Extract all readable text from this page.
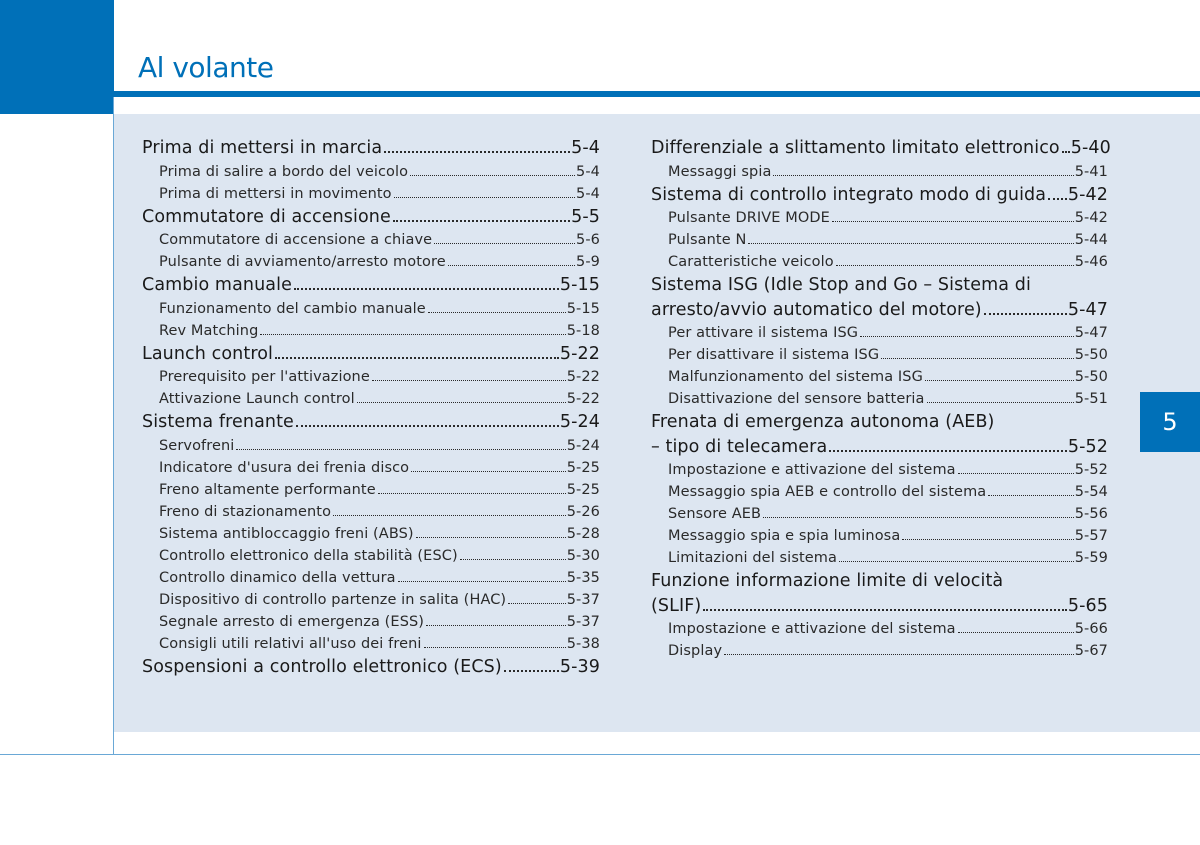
Al volante
Prima di mettersi in marcia	5-4
Prima di salire a bordo del veicolo	5-4
Prima di mettersi in movimento	5-4
Commutatore di accensione	5-5
Commutatore di accensione a chiave	5-6
Pulsante di avviamento/arresto motore	5-9
Cambio manuale	5-15
Funzionamento del cambio manuale	5-15
Rev Matching	5-18
Launch control	5-22
Prerequisito per l'attivazione	5-22
Attivazione Launch control	5-22
Sistema frenante	5-24
Servofreni	5-24
Indicatore d'usura dei frenia disco	5-25
Freno altamente performante	5-25
Freno di stazionamento	5-26
Sistema antibloccaggio freni (ABS)	5-28
Controllo elettronico della stabilità (ESC)	5-30
Controllo dinamico della vettura	5-35
Dispositivo di controllo partenze in salita (HAC)	5-37
Segnale arresto di emergenza (ESS)	5-37
Consigli utili relativi all'uso dei freni	5-38
Sospensioni a controllo elettronico (ECS)	5-39
Differenziale a slittamento limitato elettronico 5-40
Messaggi spia	5-41
Sistema di controllo integrato modo di guida 5-42
Pulsante DRIVE MODE	5-42
Pulsante N	5-44
Caratteristiche veicolo	5-46
Sistema ISG (Idle Stop and Go – Sistema di
arresto/avvio automatico del motore)	5-47
Per attivare il sistema ISG	5-47
Per disattivare il sistema ISG	5-50
Malfunzionamento del sistema ISG	5-50
Disattivazione del sensore batteria	5-51
Frenata di emergenza autonoma (AEB)
– tipo di telecamera	5-52
Impostazione e attivazione del sistema	5-52
Messaggio spia AEB e controllo del sistema	5-54
Sensore AEB	5-56
Messaggio spia e spia luminosa	5-57
Limitazioni del sistema	5-59
Funzione informazione limite di velocità
(SLIF)	5-65
Impostazione e attivazione del sistema	5-66
Display	5-67
5
